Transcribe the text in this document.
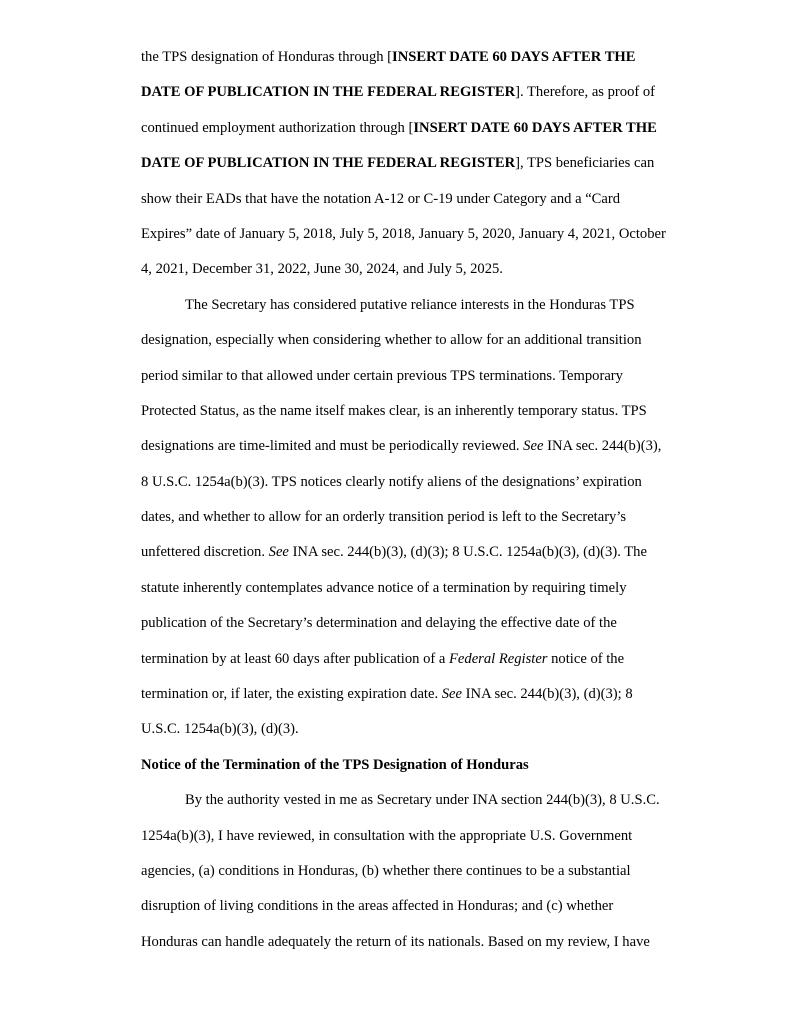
the TPS designation of Honduras through [INSERT DATE 60 DAYS AFTER THE
DATE OF PUBLICATION IN THE FEDERAL REGISTER]. Therefore, as proof of
continued employment authorization through [INSERT DATE 60 DAYS AFTER THE
DATE OF PUBLICATION IN THE FEDERAL REGISTER], TPS beneficiaries can
show their EADs that have the notation A-12 or C-19 under Category and a “Card
Expires” date of January 5, 2018, July 5, 2018, January 5, 2020, January 4, 2021, October
4, 2021, December 31, 2022, June 30, 2024, and July 5, 2025.
The Secretary has considered putative reliance interests in the Honduras TPS
designation, especially when considering whether to allow for an additional transition
period similar to that allowed under certain previous TPS terminations. Temporary
Protected Status, as the name itself makes clear, is an inherently temporary status. TPS
designations are time-limited and must be periodically reviewed. See INA sec. 244(b)(3),
8 U.S.C. 1254a(b)(3). TPS notices clearly notify aliens of the designations’ expiration
dates, and whether to allow for an orderly transition period is left to the Secretary’s
unfettered discretion. See INA sec. 244(b)(3), (d)(3); 8 U.S.C. 1254a(b)(3), (d)(3). The
statute inherently contemplates advance notice of a termination by requiring timely
publication of the Secretary’s determination and delaying the effective date of the
termination by at least 60 days after publication of a Federal Register notice of the
termination or, if later, the existing expiration date. See INA sec. 244(b)(3), (d)(3); 8
U.S.C. 1254a(b)(3), (d)(3).
Notice of the Termination of the TPS Designation of Honduras
By the authority vested in me as Secretary under INA section 244(b)(3), 8 U.S.C.
1254a(b)(3), I have reviewed, in consultation with the appropriate U.S. Government
agencies, (a) conditions in Honduras, (b) whether there continues to be a substantial
disruption of living conditions in the areas affected in Honduras; and (c) whether
Honduras can handle adequately the return of its nationals. Based on my review, I have
